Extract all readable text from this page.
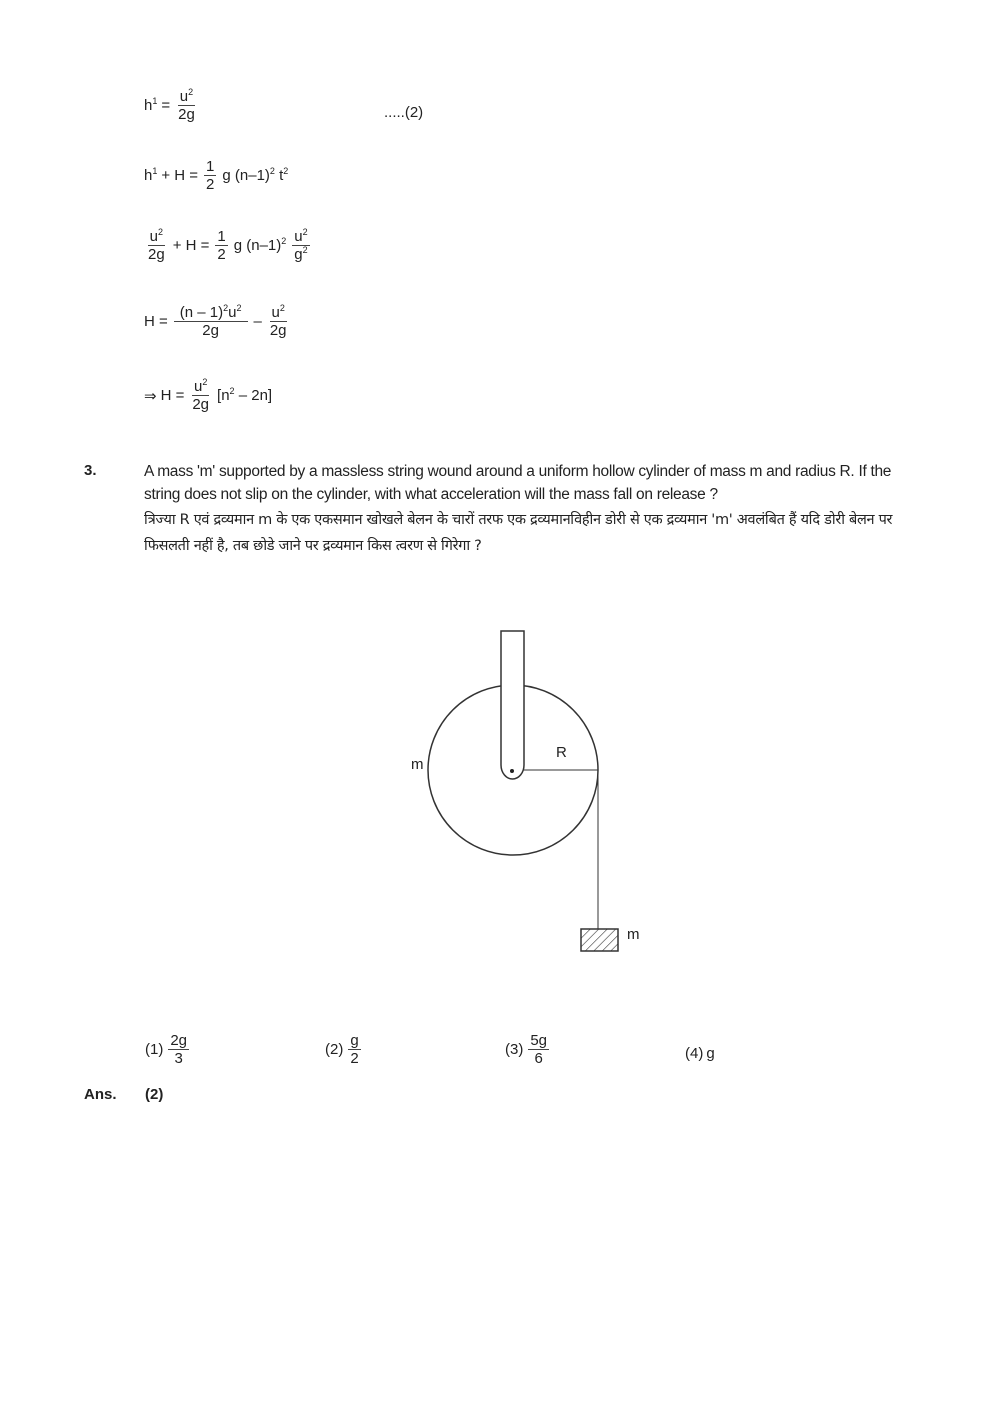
$h^1 = \frac{u^2}{2g}$	.....(2)
$h^1 + H = \frac{1}{2}$ g $(n-1)^2$ $t^2$
$\frac{u^2}{2g} + H = \frac{1}{2}$ g $(n-1)^2 \frac{u^2}{g^2}$
$H = \frac{(n - 1)^2u^2}{2g} - \frac{u^2}{2g}$
⇒ $H = \frac{u^2}{2g} [n^2 - 2n]$
3.	A mass 'm' supported by a massless string wound around a uniform hollow cylinder of mass m and radius R. If the string does not slip on the cylinder, with what acceleration will the mass fall on release ?
त्रिज्या R एवं द्रव्यमान m के एक एकसमान खोखले बेलन के चारों तरफ एक द्रव्यमानविहीन डोरी से एक द्रव्यमान 'm' अवलंबित हैं यदि डोरी बेलन पर फिसलती नहीं है, तब छोडे जाने पर द्रव्यमान किस त्वरण से गिरेगा ?
m
R
m
$(1) \frac{2g}{3}$	$(2) \frac{g}{2}$	$(3) \frac{5g}{6}$	(4) g
Ans. (2)
